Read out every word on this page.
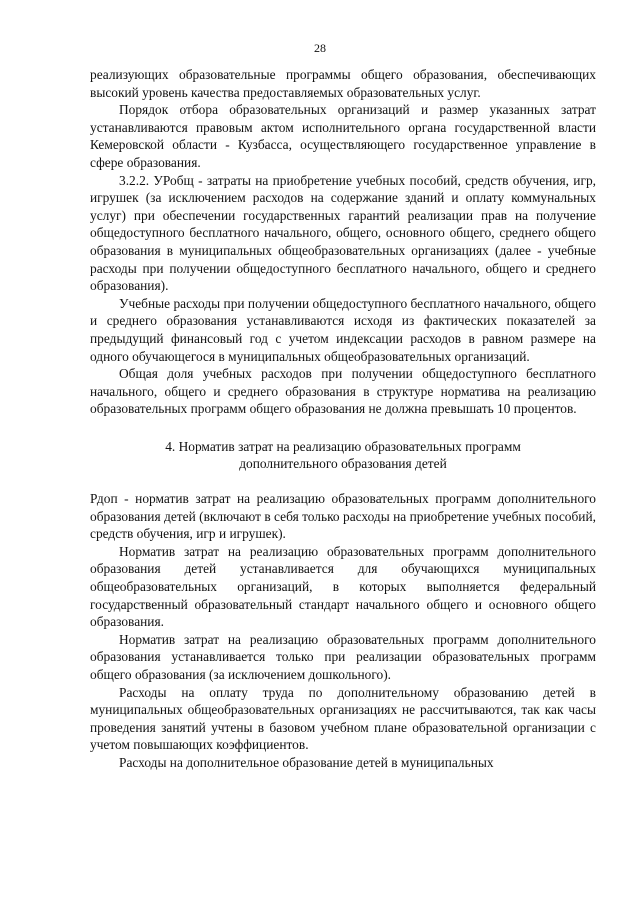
28

реализующих образовательные программы общего образования, обеспечивающих высокий уровень качества предоставляемых образовательных услуг.

Порядок отбора образовательных организаций и размер указанных затрат устанавливаются правовым актом исполнительного органа государственной власти Кемеровской области - Кузбасса, осуществляющего государственное управление в сфере образования.

3.2.2. УРобщ - затраты на приобретение учебных пособий, средств обучения, игр, игрушек (за исключением расходов на содержание зданий и оплату коммунальных услуг) при обеспечении государственных гарантий реализации прав на получение общедоступного бесплатного начального, общего, основного общего, среднего общего образования в муниципальных общеобразовательных организациях (далее - учебные расходы при получении общедоступного бесплатного начального, общего и среднего образования).

Учебные расходы при получении общедоступного бесплатного начального, общего и среднего образования устанавливаются исходя из фактических показателей за предыдущий финансовый год с учетом индексации расходов в равном размере на одного обучающегося в муниципальных общеобразовательных организаций.

Общая доля учебных расходов при получении общедоступного бесплатного начального, общего и среднего образования в структуре норматива на реализацию образовательных программ общего образования не должна превышать 10 процентов.

4. Норматив затрат на реализацию образовательных программ
дополнительного образования детей

Рдоп - норматив затрат на реализацию образовательных программ дополнительного образования детей (включают в себя только расходы на приобретение учебных пособий, средств обучения, игр и игрушек).

Норматив затрат на реализацию образовательных программ дополнительного образования детей устанавливается для обучающихся муниципальных общеобразовательных организаций, в которых выполняется федеральный государственный образовательный стандарт начального общего и основного общего образования.

Норматив затрат на реализацию образовательных программ дополнительного образования устанавливается только при реализации образовательных программ общего образования (за исключением дошкольного).

Расходы на оплату труда по дополнительному образованию детей в муниципальных общеобразовательных организациях не рассчитываются, так как часы проведения занятий учтены в базовом учебном плане образовательной организации с учетом повышающих коэффициентов.

Расходы на дополнительное образование детей в муниципальных
